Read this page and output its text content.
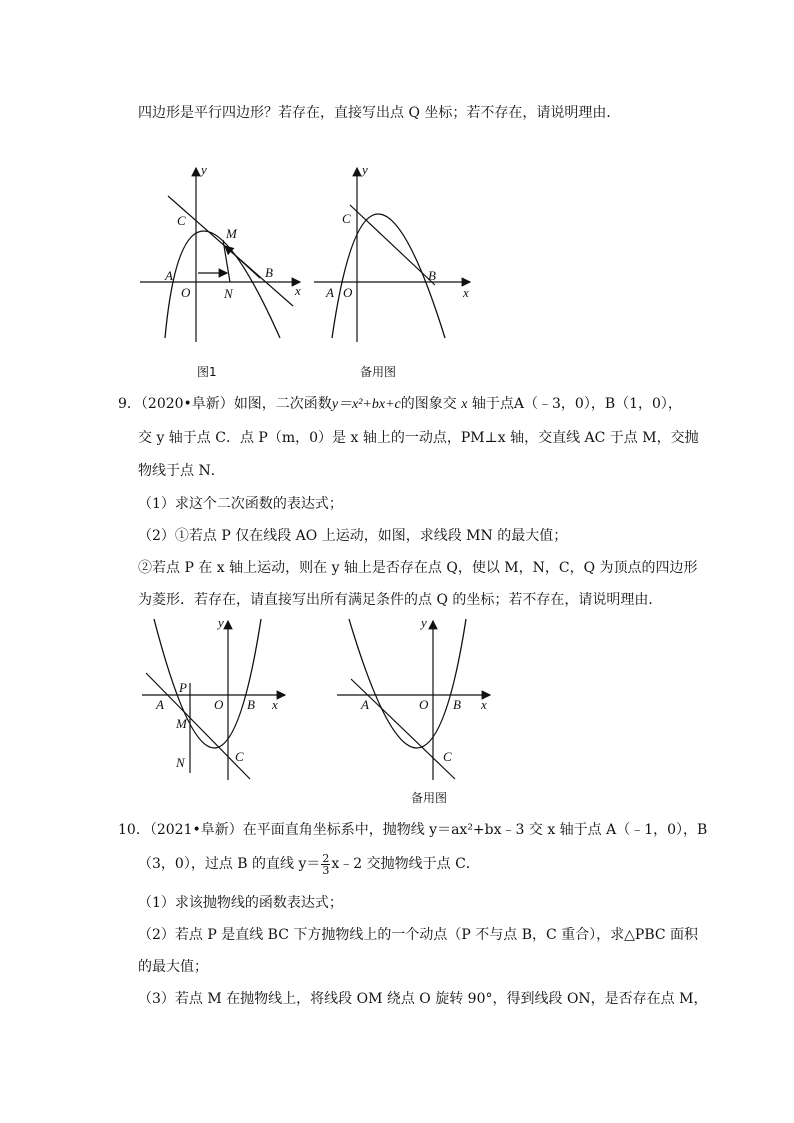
四边形是平行四边形？若存在，直接写出点 Q 坐标；若不存在，请说明理由．
y
C
M
A
O	N
B
x
图1
y
C
A O
B
x
备用图
9．（2020•阜新）如图，二次函数y＝x²+bx+c的图象交 x 轴于点A（﹣3，0），B（1，0），
交 y 轴于点 C．点 P（m，0）是 x 轴上的一动点，PM⊥x 轴，交直线 AC 于点 M，交抛
物线于点 N．
（1）求这个二次函数的表达式；
（2）①若点 P 仅在线段 AO 上运动，如图，求线段 MN 的最大值；
②若点 P 在 x 轴上运动，则在 y 轴上是否存在点 Q，使以 M，N，C，Q 为顶点的四边形
为菱形．若存在，请直接写出所有满足条件的点 Q 的坐标；若不存在，请说明理由．
y
P
A	O B x
M
N	C
y
A	O B x
C
备用图
10．（2021•阜新）在平面直角坐标系中，抛物线 y＝ax²+bx﹣3 交 x 轴于点 A（﹣1，0），B
（3，0），过点 B 的直线 $y= \frac{2}{3}$ x﹣2 交抛物线于点 C．
（1）求该抛物线的函数表达式；
（2）若点 P 是直线 BC 下方抛物线上的一个动点（P 不与点 B，C 重合），求△PBC 面积
的最大值；
（3）若点 M 在抛物线上，将线段 OM 绕点 O 旋转 90°，得到线段 ON，是否存在点 M，
